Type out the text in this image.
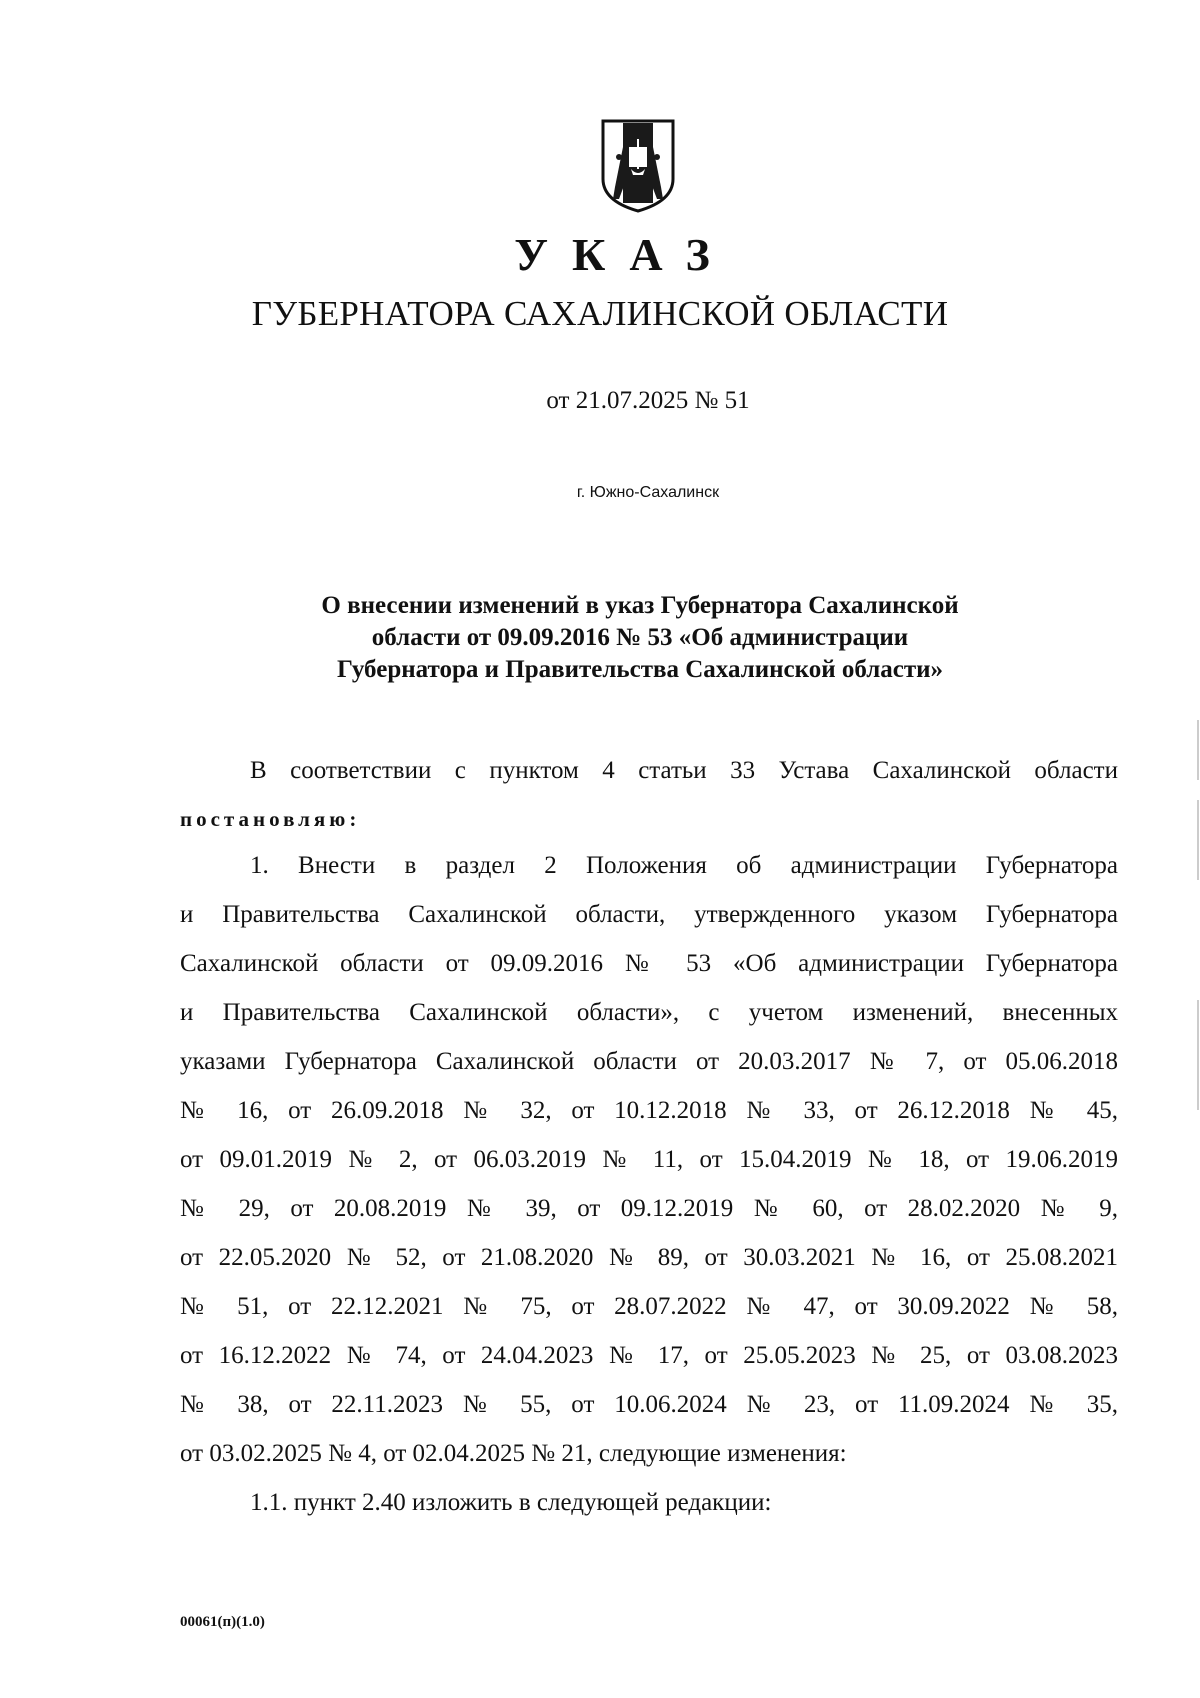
УКАЗ
ГУБЕРНАТОРА САХАЛИНСКОЙ ОБЛАСТИ
от 21.07.2025 № 51
г. Южно-Сахалинск
О внесении изменений в указ Губернатора Сахалинской
области от 09.09.2016 № 53 «Об администрации
Губернатора и Правительства Сахалинской области»
В соответствии с пунктом 4 статьи 33 Устава Сахалинской области
1. Внести в раздел 2 Положения об администрации Губернатора
и Правительства Сахалинской области, утвержденного указом Губернатора
Сахалинской области от 09.09.2016 № 53 «Об администрации Губернатора
и Правительства Сахалинской области», с учетом изменений, внесенных
указами Губернатора Сахалинской области от 20.03.2017 № 7, от 05.06.2018
№ 16, от 26.09.2018 № 32, от 10.12.2018 № 33, от 26.12.2018 № 45,
от 09.01.2019 № 2, от 06.03.2019 № 11, от 15.04.2019 № 18, от 19.06.2019
№ 29, от 20.08.2019 № 39, от 09.12.2019 № 60, от 28.02.2020 № 9,
от 22.05.2020 № 52, от 21.08.2020 № 89, от 30.03.2021 № 16, от 25.08.2021
№ 51, от 22.12.2021 № 75, от 28.07.2022 № 47, от 30.09.2022 № 58,
от 16.12.2022 № 74, от 24.04.2023 № 17, от 25.05.2023 № 25, от 03.08.2023
№ 38, от 22.11.2023 № 55, от 10.06.2024 № 23, от 11.09.2024 № 35,
от 03.02.2025 № 4, от 02.04.2025 № 21, следующие изменения:
1.1. пункт 2.40 изложить в следующей редакции:
постановляю:
00061(п)(1.0)
